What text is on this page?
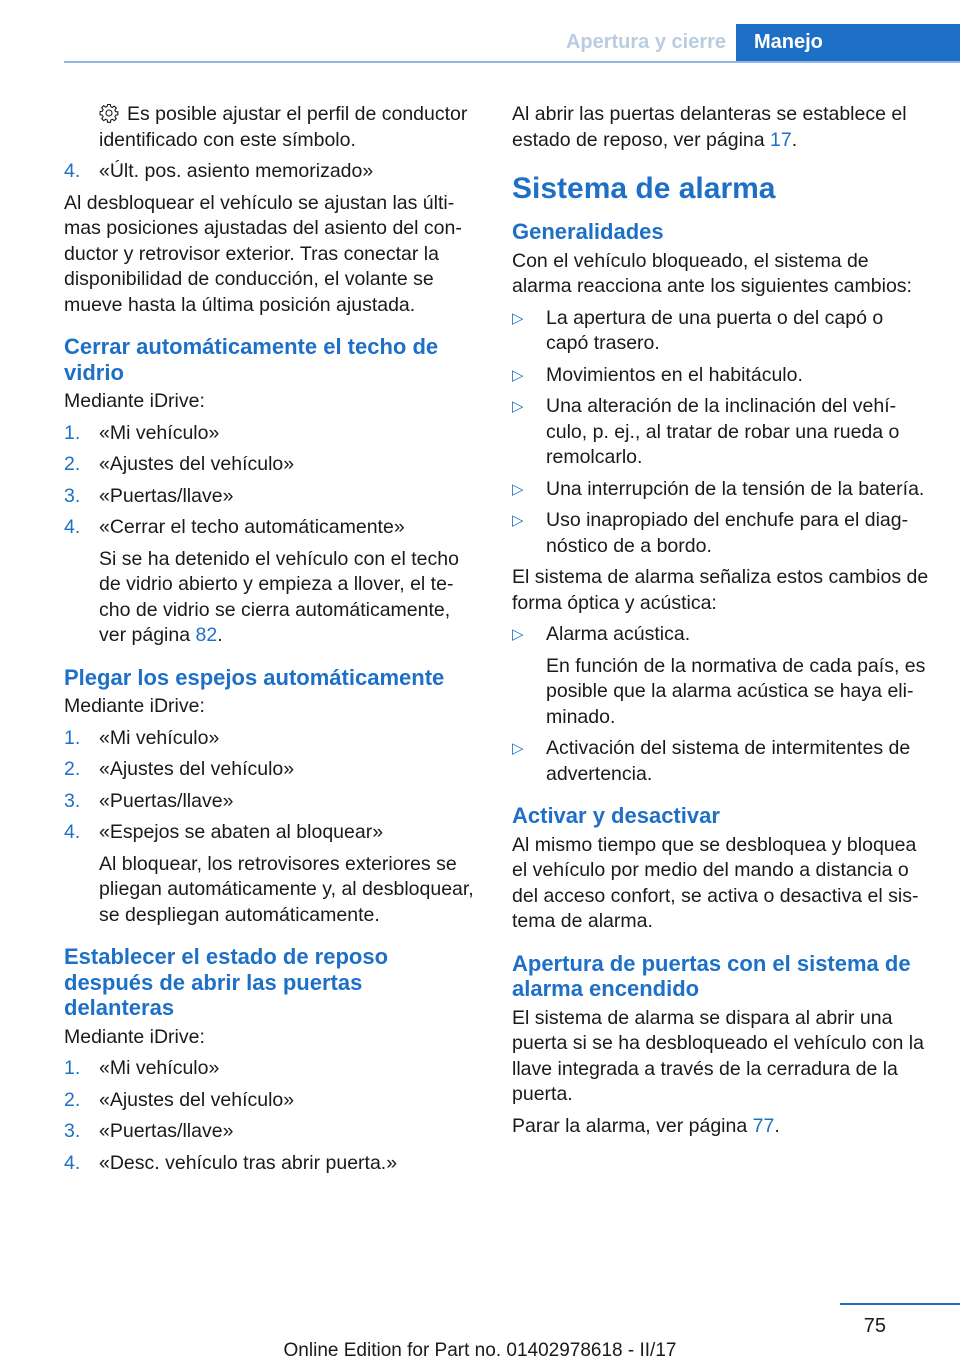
Apertura y cierre	Manejo

Es posible ajustar el perfil de conductor identificado con este símbolo.

4. «Últ. pos. asiento memorizado»

Al desbloquear el vehículo se ajustan las últimas posiciones ajustadas del asiento del conductor y retrovisor exterior. Tras conectar la disponibilidad de conducción, el volante se mueve hasta la última posición ajustada.

Cerrar automáticamente el techo de vidrio

Mediante iDrive:

1. «Mi vehículo»
2. «Ajustes del vehículo»
3. «Puertas/llave»
4. «Cerrar el techo automáticamente»

Si se ha detenido el vehículo con el techo de vidrio abierto y empieza a llover, el techo de vidrio se cierra automáticamente, ver página 82.

Plegar los espejos automáticamente

Mediante iDrive:

1. «Mi vehículo»
2. «Ajustes del vehículo»
3. «Puertas/llave»
4. «Espejos se abaten al bloquear»

Al bloquear, los retrovisores exteriores se pliegan automáticamente y, al desbloquear, se despliegan automáticamente.

Establecer el estado de reposo después de abrir las puertas delanteras

Mediante iDrive:

1. «Mi vehículo»
2. «Ajustes del vehículo»
3. «Puertas/llave»
4. «Desc. vehículo tras abrir puerta.»

Al abrir las puertas delanteras se establece el estado de reposo, ver página 17.

Sistema de alarma
Generalidades

Con el vehículo bloqueado, el sistema de alarma reacciona ante los siguientes cambios:

▷ La apertura de una puerta o del capó o capó trasero.
▷ Movimientos en el habitáculo.
▷ Una alteración de la inclinación del vehículo, p. ej., al tratar de robar una rueda o remolcarlo.
▷ Una interrupción de la tensión de la batería.
▷ Uso inapropiado del enchufe para el diagnóstico de a bordo.

El sistema de alarma señaliza estos cambios de forma óptica y acústica:

▷ Alarma acústica.

En función de la normativa de cada país, es posible que la alarma acústica se haya eliminado.

▷ Activación del sistema de intermitentes de advertencia.
Activar y desactivar

Al mismo tiempo que se desbloquea y bloquea el vehículo por medio del mando a distancia o del acceso confort, se activa o desactiva el sistema de alarma.

Apertura de puertas con el sistema de alarma encendido

El sistema de alarma se dispara al abrir una puerta si se ha desbloqueado el vehículo con la llave integrada a través de la cerradura de la puerta.

Parar la alarma, ver página 77.

75
Online Edition for Part no. 01402978618 - II/17
